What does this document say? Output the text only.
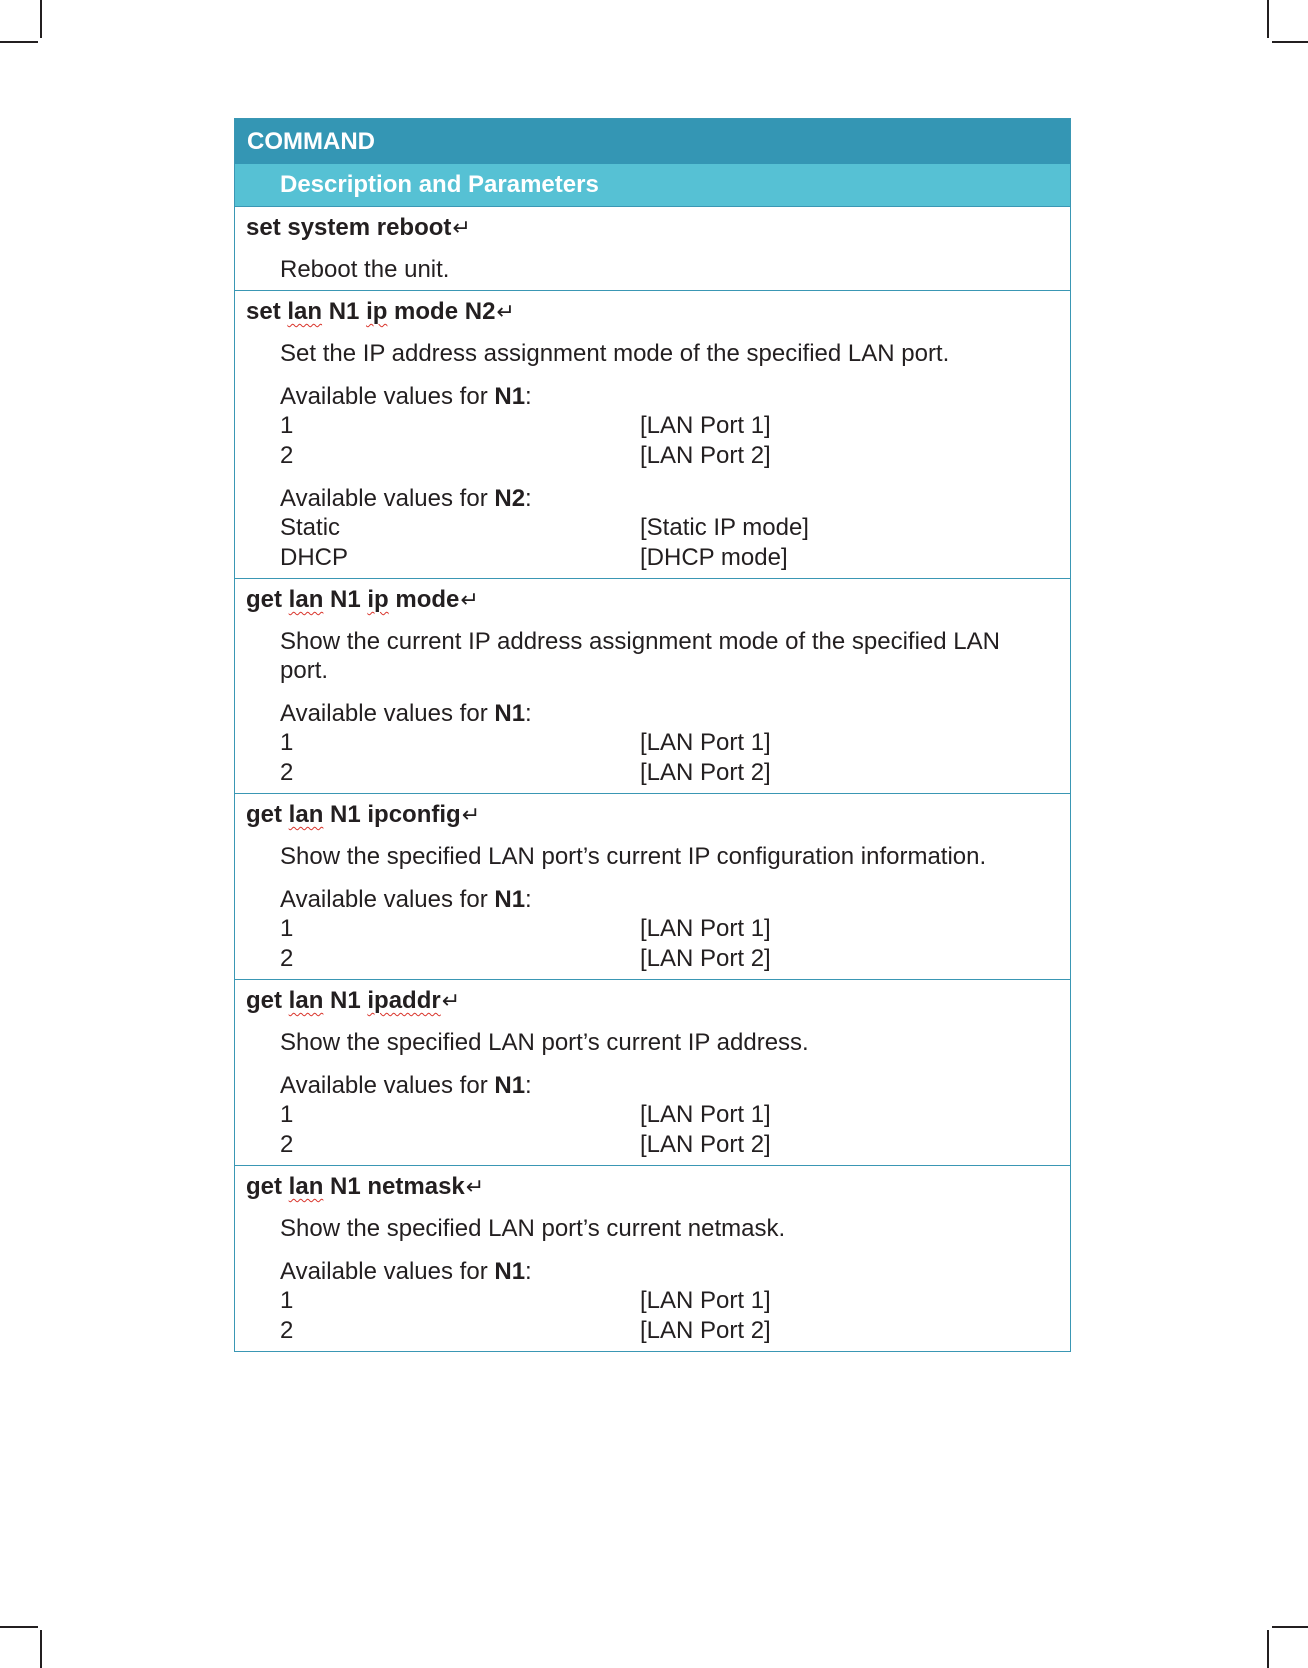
COMMAND
Description and Parameters
set system reboot↵
Reboot the unit.
set lan N1 ip mode N2↵
Set the IP address assignment mode of the specified LAN port.
Available values for N1:
1	[LAN Port 1]
2	[LAN Port 2]
Available values for N2:
Static	[Static IP mode]
DHCP	[DHCP mode]
get lan N1 ip mode↵
Show the current IP address assignment mode of the specified LAN port.
Available values for N1:
1	[LAN Port 1]
2	[LAN Port 2]
get lan N1 ipconfig↵
Show the specified LAN port’s current IP configuration information.
Available values for N1:
1	[LAN Port 1]
2	[LAN Port 2]
get lan N1 ipaddr↵
Show the specified LAN port’s current IP address.
Available values for N1:
1	[LAN Port 1]
2	[LAN Port 2]
get lan N1 netmask↵
Show the specified LAN port’s current netmask.
Available values for N1:
1	[LAN Port 1]
2	[LAN Port 2]
